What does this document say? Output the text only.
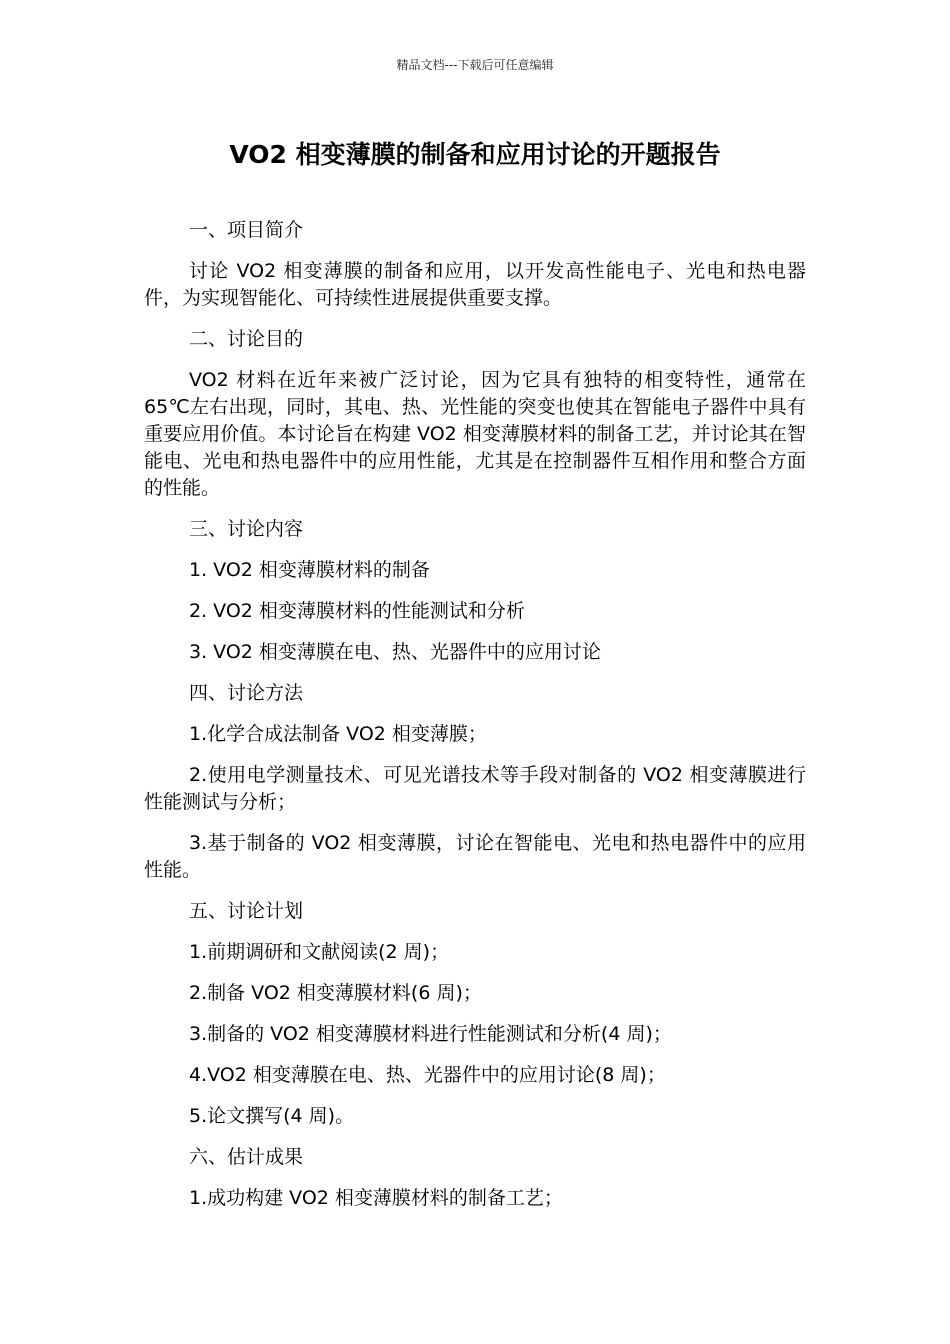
精品文档---下载后可任意编辑
VO2 相变薄膜的制备和应用讨论的开题报告

一、项目简介

讨论 VO2 相变薄膜的制备和应用，以开发高性能电子、光电和热电器件，为实现智能化、可持续性进展提供重要支撑。

二、讨论目的

VO2 材料在近年来被广泛讨论，因为它具有独特的相变特性，通常在 65℃左右出现，同时，其电、热、光性能的突变也使其在智能电子器件中具有重要应用价值。本讨论旨在构建 VO2 相变薄膜材料的制备工艺，并讨论其在智能电、光电和热电器件中的应用性能，尤其是在控制器件互相作用和整合方面的性能。

三、讨论内容

1. VO2 相变薄膜材料的制备

2. VO2 相变薄膜材料的性能测试和分析

3. VO2 相变薄膜在电、热、光器件中的应用讨论

四、讨论方法

1.化学合成法制备 VO2 相变薄膜；

2.使用电学测量技术、可见光谱技术等手段对制备的 VO2 相变薄膜进行性能测试与分析；

3.基于制备的 VO2 相变薄膜，讨论在智能电、光电和热电器件中的应用性能。

五、讨论计划

1.前期调研和文献阅读(2 周)；

2.制备 VO2 相变薄膜材料(6 周)；

3.制备的 VO2 相变薄膜材料进行性能测试和分析(4 周)；

4.VO2 相变薄膜在电、热、光器件中的应用讨论(8 周)；

5.论文撰写(4 周)。

六、估计成果

1.成功构建 VO2 相变薄膜材料的制备工艺；
